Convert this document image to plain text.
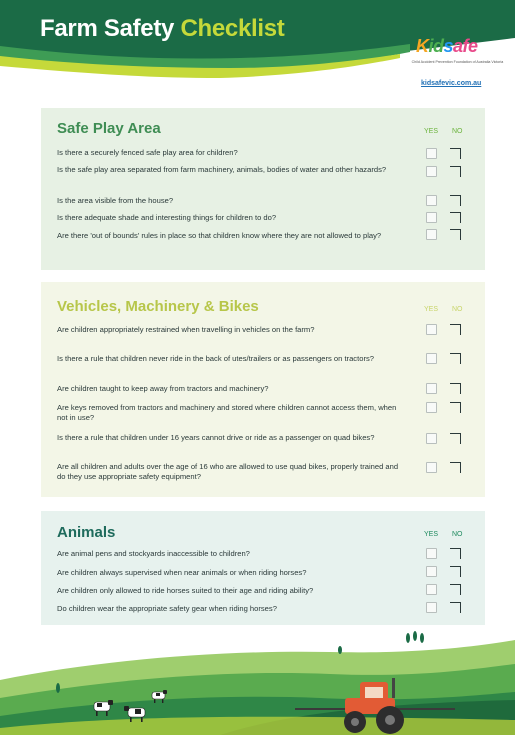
Farm Safety Checklist
Kidsafe
Child Accident Prevention Foundation of Australia Victoria
kidsafevic.com.au
Safe Play Area	YES NO
Is there a securely fenced safe play area for children?
Is the safe play area separated from farm machinery, animals, bodies of water and other hazards?
Is the area visible from the house?
Is there adequate shade and interesting things for children to do?
Are there 'out of bounds' rules in place so that children know where they are not allowed to play?
Vehicles, Machinery & Bikes	YES NO
Are children appropriately restrained when travelling in vehicles on the farm?
Is there a rule that children never ride in the back of utes/trailers or as passengers on tractors?
Are children taught to keep away from tractors and machinery?
Are keys removed from tractors and machinery and stored where children cannot access them, when not in use?
Is there a rule that children under 16 years cannot drive or ride as a passenger on quad bikes?
Are all children and adults over the age of 16 who are allowed to use quad bikes, properly trained and do they use appropriate safety equipment?
Animals	YES NO
Are animal pens and stockyards inaccessible to children?
Are children always supervised when near animals or when riding horses?
Are children only allowed to ride horses suited to their age and riding ability?
Do children wear the appropriate safety gear when riding horses?
